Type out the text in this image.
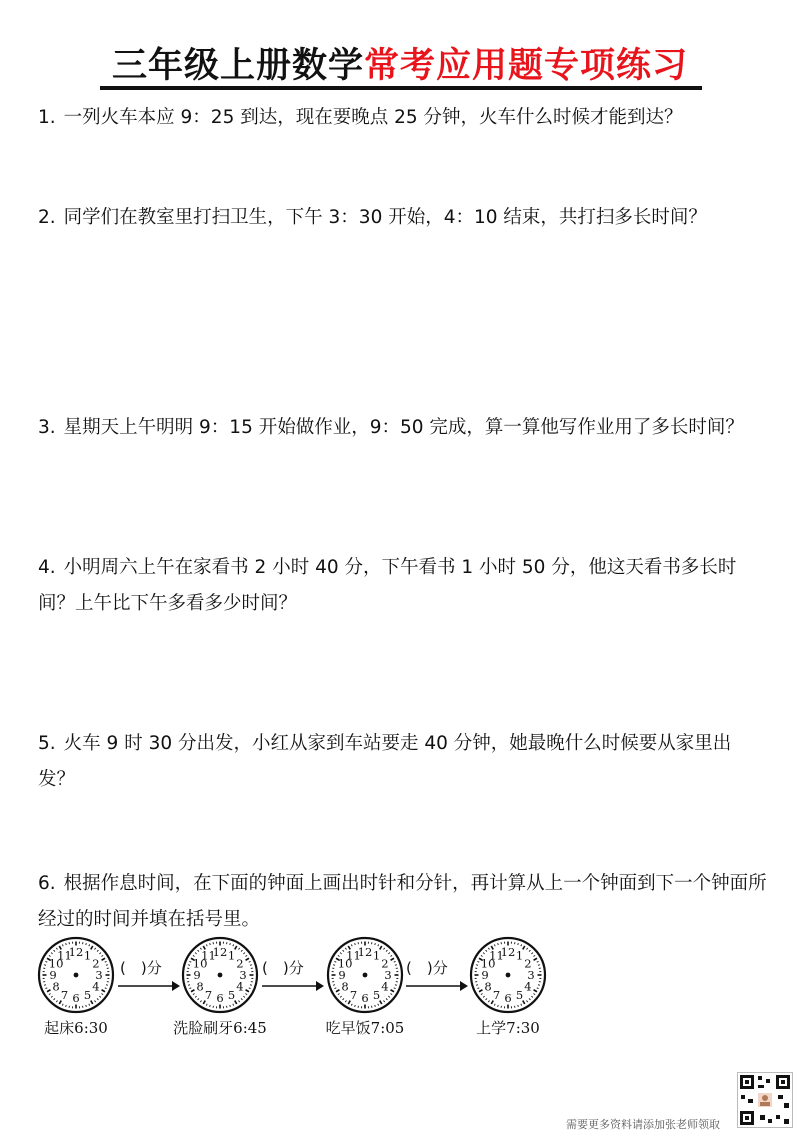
三年级上册数学常考应用题专项练习
1. 一列火车本应 9：25 到达，现在要晚点 25 分钟，火车什么时候才能到达？
2. 同学们在教室里打扫卫生，下午 3：30 开始，4：10 结束，共打扫多长时间？
3. 星期天上午明明 9：15 开始做作业，9：50 完成，算一算他写作业用了多长时间？
4. 小明周六上午在家看书 2 小时 40 分，下午看书 1 小时 50 分，他这天看书多长时间？上午比下午多看多少时间？
5. 火车 9 时 30 分出发，小红从家到车站要走 40 分钟，她最晚什么时候要从家里出发？
6. 根据作息时间，在下面的钟面上画出时针和分针，再计算从上一个钟面到下一个钟面所经过的时间并填在括号里。
12 1
2
3
4
5
6
7
8
9
10
11
起床6:30
(　)分
12 1
2
3
4
5
6
7
8
9
10
11
洗脸刷牙6:45
(　)分
12 1
2
3
4
5
6
7
8
9
10
11
吃早饭7:05
(　)分
12 1
2
3
4
5
6
7
8
9
10
11
上学7:30
需要更多资料请添加张老师领取
